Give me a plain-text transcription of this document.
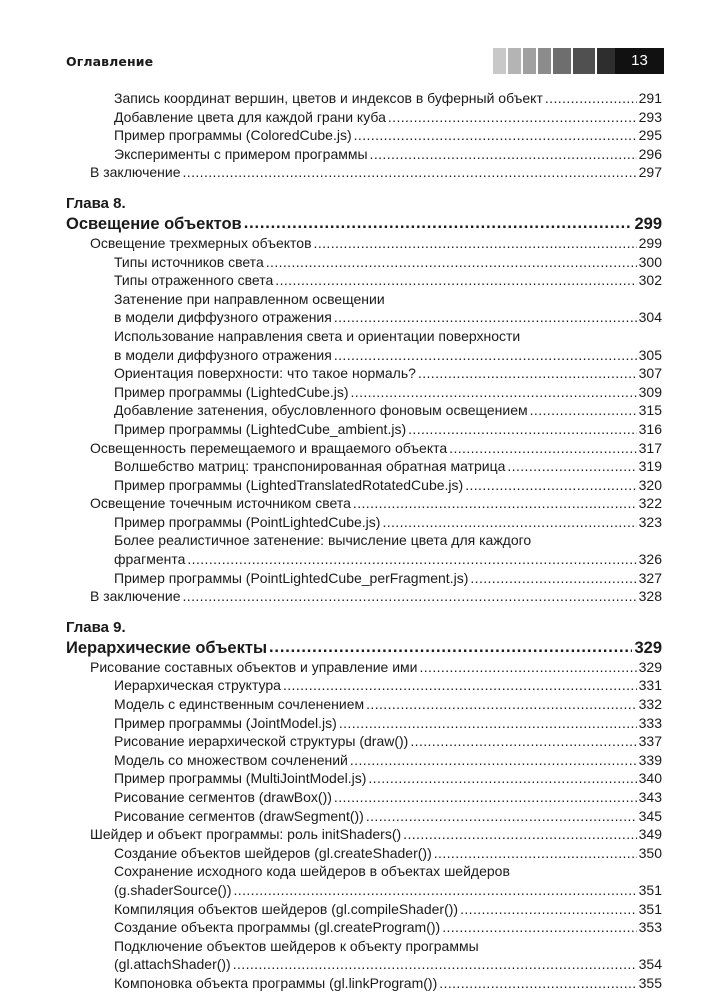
Оглавление	13
Запись координат вершин, цветов и индексов в буферный объект .....	291
Добавление цвета для каждой грани куба .....	293
Пример программы (ColoredCube.js) .....	295
Эксперименты с примером программы .....	296
В заключение .....	297
Глава 8.
Освещение объектов .....	299
Освещение трехмерных объектов .....	299
Типы источников света .....	300
Типы отраженного света .....	302
Затенение при направленном освещении
в модели диффузного отражения .....	304
Использование направления света и ориентации поверхности
в модели диффузного отражения .....	305
Ориентация поверхности: что такое нормаль? .....	307
Пример программы (LightedCube.js) .....	309
Добавление затенения, обусловленного фоновым освещением .....	315
Пример программы (LightedCube_ambient.js) .....	316
Освещенность перемещаемого и вращаемого объекта .....	317
Волшебство матриц: транспонированная обратная матрица .....	319
Пример программы (LightedTranslatedRotatedCube.js) .....	320
Освещение точечным источником света .....	322
Пример программы (PointLightedCube.js) .....	323
Более реалистичное затенение: вычисление цвета для каждого
фрагмента .....	326
Пример программы (PointLightedCube_perFragment.js) .....	327
В заключение .....	328
Глава 9.
Иерархические объекты .....	329
Рисование составных объектов и управление ими .....	329
Иерархическая структура .....	331
Модель с единственным сочленением .....	332
Пример программы (JointModel.js) .....	333
Рисование иерархической структуры (draw()) .....	337
Модель со множеством сочленений .....	339
Пример программы (MultiJointModel.js) .....	340
Рисование сегментов (drawBox()) .....	343
Рисование сегментов (drawSegment()) .....	345
Шейдер и объект программы: роль initShaders() .....	349
Создание объектов шейдеров (gl.createShader()) .....	350
Сохранение исходного кода шейдеров в объектах шейдеров
(g.shaderSource()) .....	351
Компиляция объектов шейдеров (gl.compileShader()) .....	351
Создание объекта программы (gl.createProgram()) .....	353
Подключение объектов шейдеров к объекту программы
(gl.attachShader()) .....	354
Компоновка объекта программы (gl.linkProgram()) .....	355
